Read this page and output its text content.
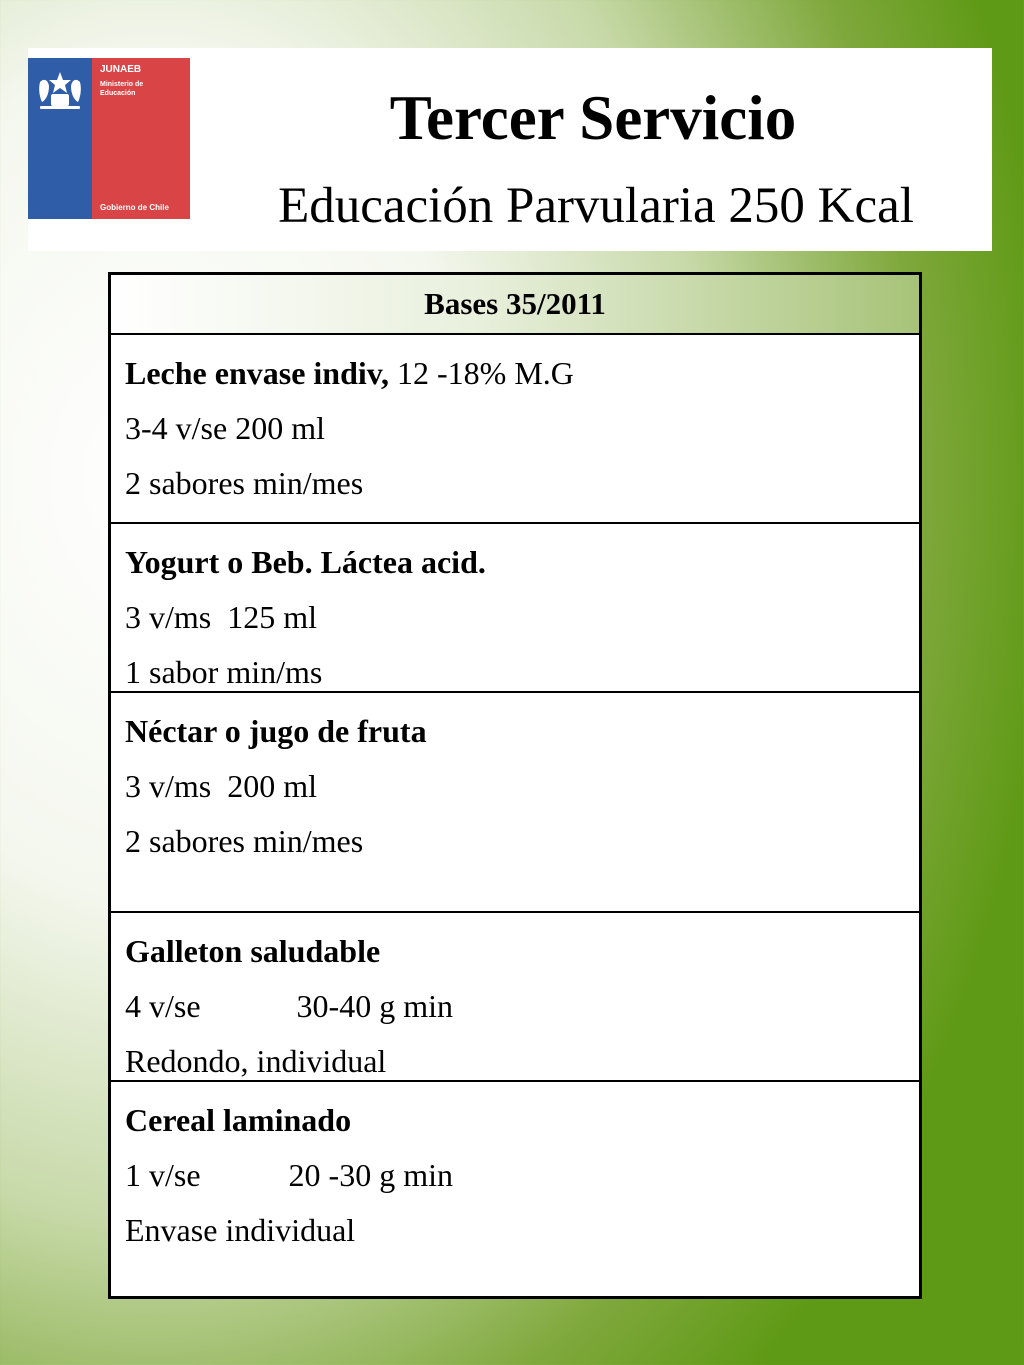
JUNAEB
Ministerio de
Educación
Gobierno de Chile
Tercer Servicio
Educación Parvularia 250 Kcal
Bases 35/2011
Leche envase indiv, 12 -18% M.G
3-4 v/se 200 ml
2 sabores min/mes
Yogurt o Beb. Láctea acid.
3 v/ms  125 ml
1 sabor min/ms
Néctar o jugo de fruta
3 v/ms  200 ml
2 sabores min/mes
Galleton saludable
4 v/se            30-40 g min
Redondo, individual
Cereal laminado
1 v/se           20 -30 g min
Envase individual
